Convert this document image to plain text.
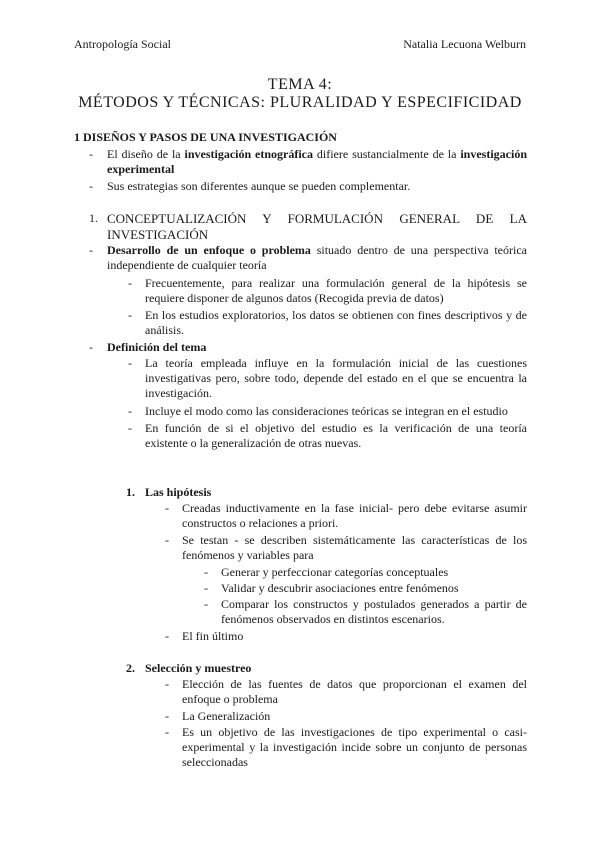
Antropología Social	Natalia Lecuona Welburn
TEMA 4:
MÉTODOS Y TÉCNICAS: PLURALIDAD Y ESPECIFICIDAD
1 DISEÑOS Y PASOS DE UNA INVESTIGACIÓN
- El diseño de la investigación etnográfica difiere sustancialmente de la investigación experimental
- Sus estrategias son diferentes aunque se pueden complementar.
1. CONCEPTUALIZACIÓN Y FORMULACIÓN GENERAL DE LA INVESTIGACIÓN
- Desarrollo de un enfoque o problema situado dentro de una perspectiva teórica independiente de cualquier teoría
- Frecuentemente, para realizar una formulación general de la hipótesis se requiere disponer de algunos datos (Recogida previa de datos)
- En los estudios exploratorios, los datos se obtienen con fines descriptivos y de análisis.
- Definición del tema
- La teoría empleada influye en la formulación inicial de las cuestiones investigativas pero, sobre todo, depende del estado en el que se encuentra la investigación.
- Incluye el modo como las consideraciones teóricas se integran en el estudio
- En función de si el objetivo del estudio es la verificación de una teoría existente o la generalización de otras nuevas.
1. Las hipótesis
- Creadas inductivamente en la fase inicial- pero debe evitarse asumir constructos o relaciones a priori.
- Se testan - se describen sistemáticamente las características de los fenómenos y variables para
- Generar y perfeccionar categorías conceptuales
- Validar y descubrir asociaciones entre fenómenos
- Comparar los constructos y postulados generados a partir de fenómenos observados en distintos escenarios.
- El fin último
2. Selección y muestreo
- Elección de las fuentes de datos que proporcionan el examen del enfoque o problema
- La Generalización
- Es un objetivo de las investigaciones de tipo experimental o casi-experimental y la investigación incide sobre un conjunto de personas seleccionadas
